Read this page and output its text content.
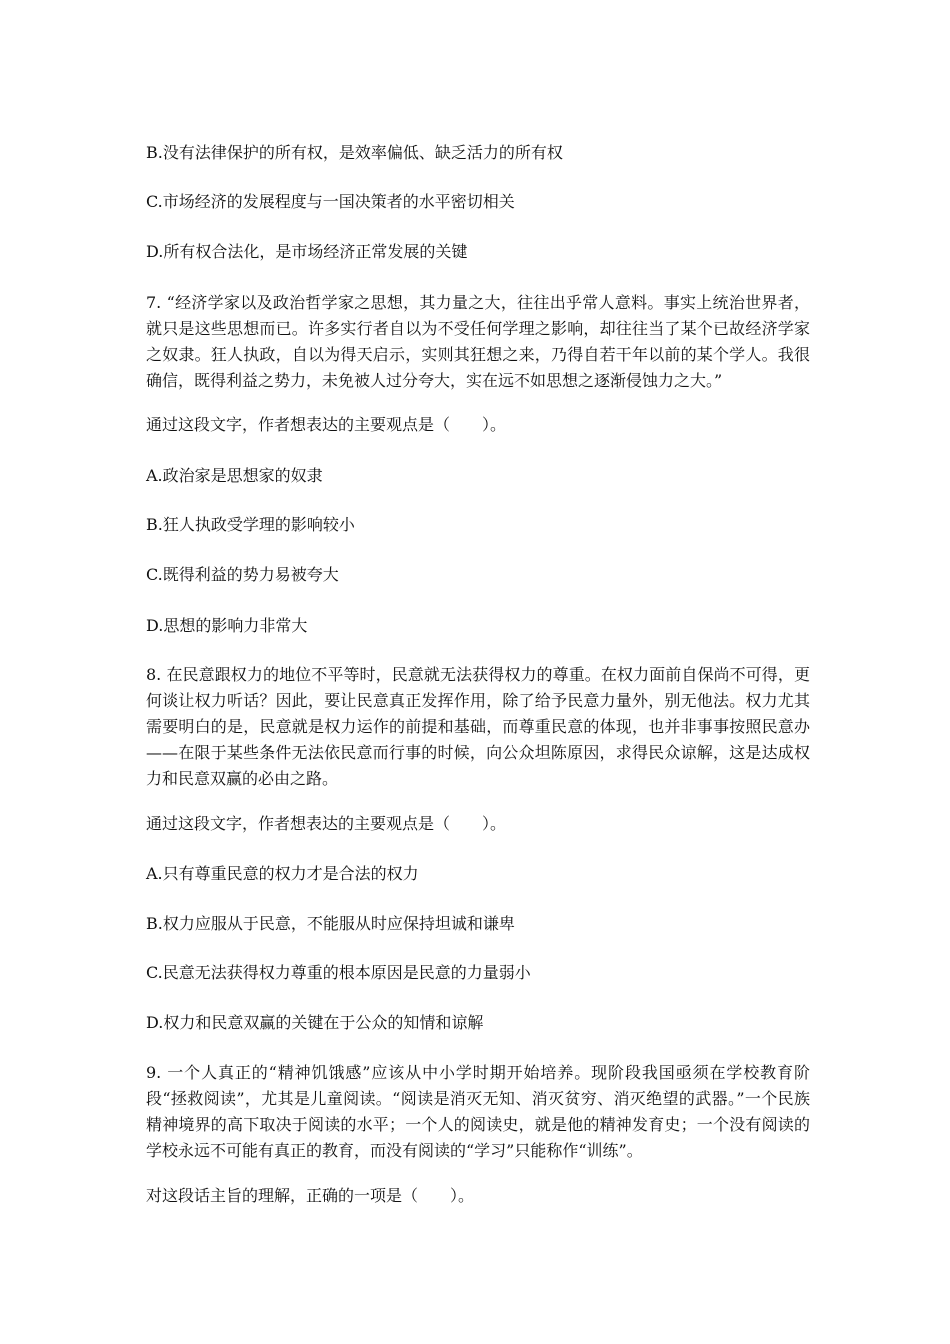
B.没有法律保护的所有权，是效率偏低、缺乏活力的所有权
C.市场经济的发展程度与一国决策者的水平密切相关
D.所有权合法化，是市场经济正常发展的关键
7. “经济学家以及政治哲学家之思想，其力量之大，往往出乎常人意料。事实上统治世界者，就只是这些思想而已。许多实行者自以为不受任何学理之影响，却往往当了某个已故经济学家之奴隶。狂人执政，自以为得天启示，实则其狂想之来，乃得自若干年以前的某个学人。我很确信，既得利益之势力，未免被人过分夸大，实在远不如思想之逐渐侵蚀力之大。”
通过这段文字，作者想表达的主要观点是（　　）。
A.政治家是思想家的奴隶
B.狂人执政受学理的影响较小
C.既得利益的势力易被夸大
D.思想的影响力非常大
8. 在民意跟权力的地位不平等时，民意就无法获得权力的尊重。在权力面前自保尚不可得，更何谈让权力听话？因此，要让民意真正发挥作用，除了给予民意力量外，别无他法。权力尤其需要明白的是，民意就是权力运作的前提和基础，而尊重民意的体现，也并非事事按照民意办——在限于某些条件无法依民意而行事的时候，向公众坦陈原因，求得民众谅解，这是达成权力和民意双赢的必由之路。
通过这段文字，作者想表达的主要观点是（　　）。
A.只有尊重民意的权力才是合法的权力
B.权力应服从于民意，不能服从时应保持坦诚和谦卑
C.民意无法获得权力尊重的根本原因是民意的力量弱小
D.权力和民意双赢的关键在于公众的知情和谅解
9. 一个人真正的“精神饥饿感”应该从中小学时期开始培养。现阶段我国亟须在学校教育阶段“拯救阅读”，尤其是儿童阅读。“阅读是消灭无知、消灭贫穷、消灭绝望的武器。”一个民族精神境界的高下取决于阅读的水平；一个人的阅读史，就是他的精神发育史；一个没有阅读的学校永远不可能有真正的教育，而没有阅读的“学习”只能称作“训练”。
对这段话主旨的理解，正确的一项是（　　）。
